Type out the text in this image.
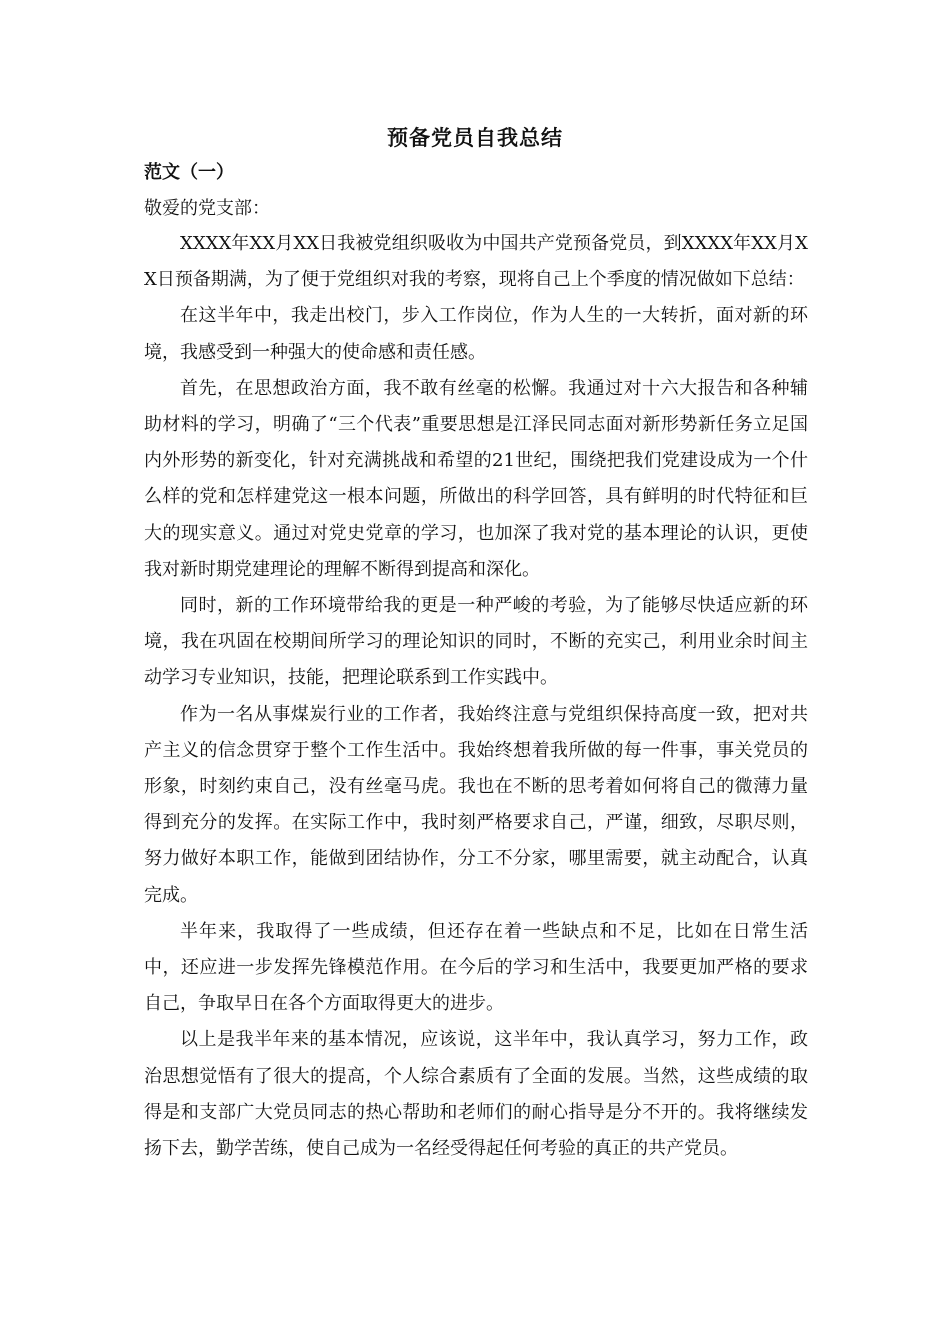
预备党员自我总结
范文（一）
敬爱的党支部：

XXXX年XX月XX日我被党组织吸收为中国共产党预备党员，到XXXX年XX月XX日预备期满，为了便于党组织对我的考察，现将自己上个季度的情况做如下总结：

在这半年中，我走出校门，步入工作岗位，作为人生的一大转折，面对新的环境，我感受到一种强大的使命感和责任感。

首先，在思想政治方面，我不敢有丝毫的松懈。我通过对十六大报告和各种辅助材料的学习，明确了“三个代表”重要思想是江泽民同志面对新形势新任务立足国内外形势的新变化，针对充满挑战和希望的21世纪，围绕把我们党建设成为一个什么样的党和怎样建党这一根本问题，所做出的科学回答，具有鲜明的时代特征和巨大的现实意义。通过对党史党章的学习，也加深了我对党的基本理论的认识，更使我对新时期党建理论的理解不断得到提高和深化。

同时，新的工作环境带给我的更是一种严峻的考验，为了能够尽快适应新的环境，我在巩固在校期间所学习的理论知识的同时，不断的充实己，利用业余时间主动学习专业知识，技能，把理论联系到工作实践中。

作为一名从事煤炭行业的工作者，我始终注意与党组织保持高度一致，把对共产主义的信念贯穿于整个工作生活中。我始终想着我所做的每一件事，事关党员的形象，时刻约束自己，没有丝毫马虎。我也在不断的思考着如何将自己的微薄力量得到充分的发挥。在实际工作中，我时刻严格要求自己，严谨，细致，尽职尽则，努力做好本职工作，能做到团结协作，分工不分家，哪里需要，就主动配合，认真完成。

半年来，我取得了一些成绩，但还存在着一些缺点和不足，比如在日常生活中，还应进一步发挥先锋模范作用。在今后的学习和生活中，我要更加严格的要求自己，争取早日在各个方面取得更大的进步。

以上是我半年来的基本情况，应该说，这半年中，我认真学习，努力工作，政治思想觉悟有了很大的提高，个人综合素质有了全面的发展。当然，这些成绩的取得是和支部广大党员同志的热心帮助和老师们的耐心指导是分不开的。我将继续发扬下去，勤学苦练，使自己成为一名经受得起任何考验的真正的共产党员。
